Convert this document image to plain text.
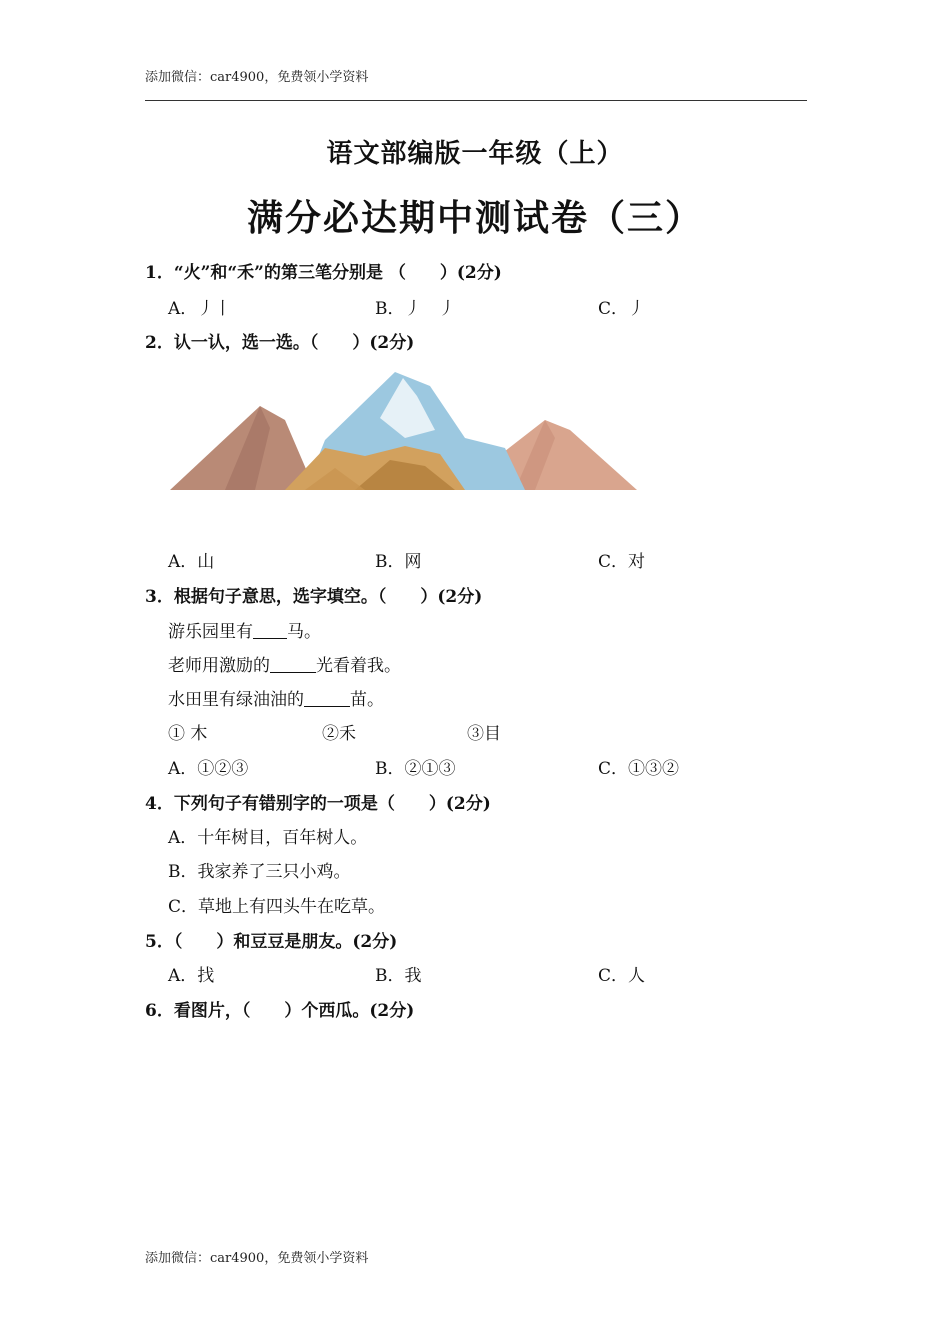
添加微信：car4900，免费领小学资料
语文部编版一年级（上）
满分必达期中测试卷（三）
1．“火”和“禾”的第三笔分别是 （　　）(2分)
A．丿丨	B．丿　丿	C．丿
2．认一认，选一选。（　　）(2分)
A．山	B．网	C．对
3．根据句子意思，选字填空。（　　）(2分)
游乐园里有 马。
老师用激励的	光看着我。
水田里有绿油油的	苗。
① 木	②禾	③目
A．①②③	B．②①③	C．①③②
4．下列句子有错别字的一项是（　　）(2分)
A．十年树目，百年树人。
B．我家养了三只小鸡。
C．草地上有四头牛在吃草。
5．（　　）和豆豆是朋友。(2分)
A．找	B．我	C．人
6．看图片，（　　）个西瓜。(2分)
添加微信：car4900，免费领小学资料
